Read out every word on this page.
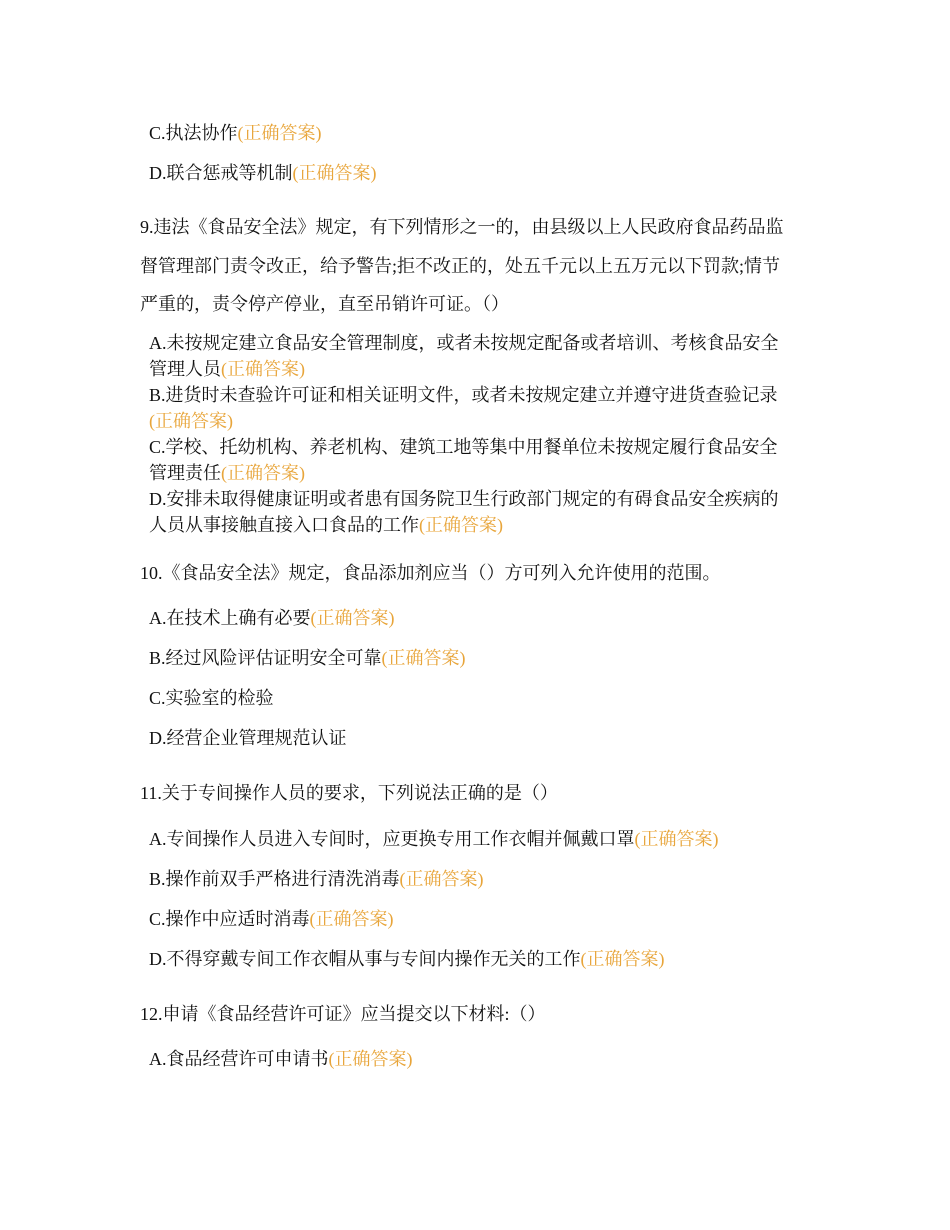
C.执法协作(正确答案)
D.联合惩戒等机制(正确答案)
9.违法《食品安全法》规定，有下列情形之一的，由县级以上人民政府食品药品监
督管理部门责令改正，给予警告;拒不改正的，处五千元以上五万元以下罚款;情节
严重的，责令停产停业，直至吊销许可证。（）
A.未按规定建立食品安全管理制度，或者未按规定配备或者培训、考核食品安全
管理人员(正确答案)
B.进货时未查验许可证和相关证明文件，或者未按规定建立并遵守进货查验记录
(正确答案)
C.学校、托幼机构、养老机构、建筑工地等集中用餐单位未按规定履行食品安全
管理责任(正确答案)
D.安排未取得健康证明或者患有国务院卫生行政部门规定的有碍食品安全疾病的
人员从事接触直接入口食品的工作(正确答案)
10.《食品安全法》规定，食品添加剂应当（）方可列入允许使用的范围。
A.在技术上确有必要(正确答案)
B.经过风险评估证明安全可靠(正确答案)
C.实验室的检验
D.经营企业管理规范认证
11.关于专间操作人员的要求，下列说法正确的是（）
A.专间操作人员进入专间时，应更换专用工作衣帽并佩戴口罩(正确答案)
B.操作前双手严格进行清洗消毒(正确答案)
C.操作中应适时消毒(正确答案)
D.不得穿戴专间工作衣帽从事与专间内操作无关的工作(正确答案)
12.申请《食品经营许可证》应当提交以下材料:（）
A.食品经营许可申请书(正确答案)
